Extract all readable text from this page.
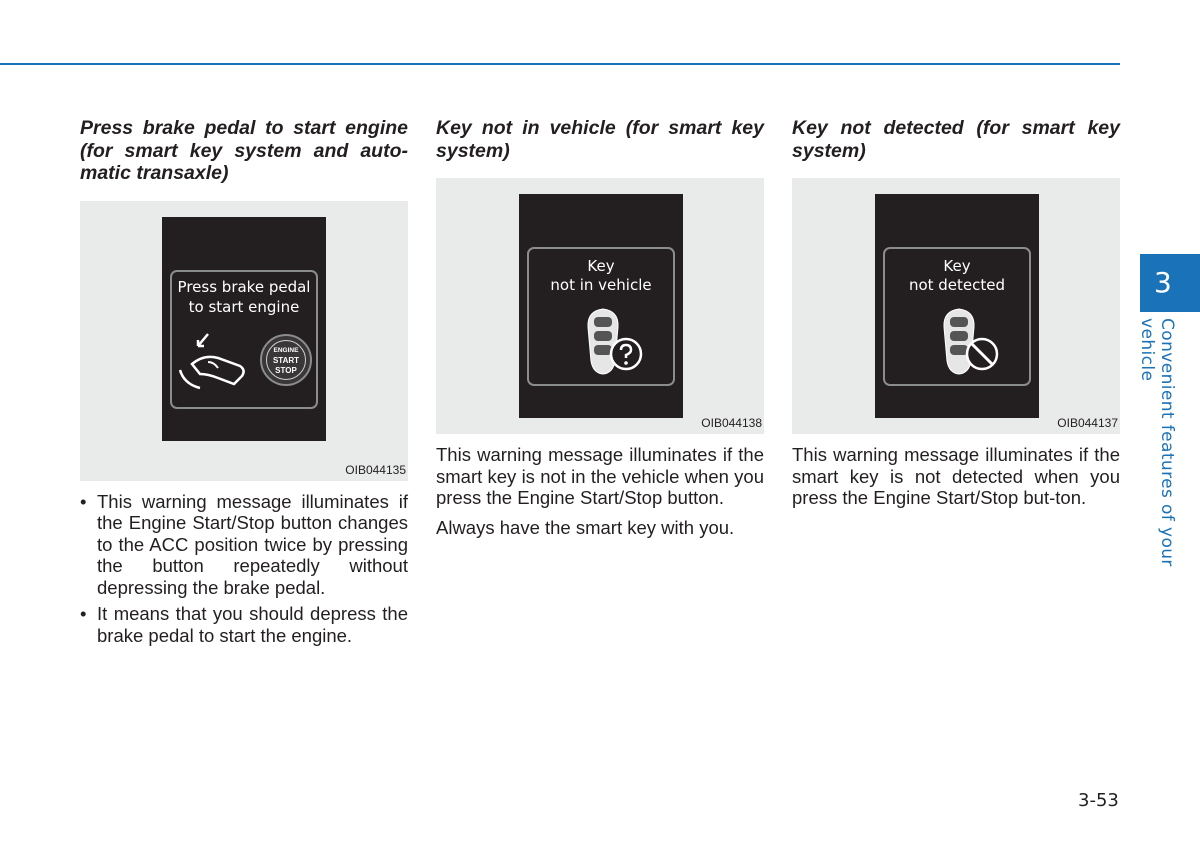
Press brake pedal to start engine (for smart key system and auto-matic transaxle)
Press brake pedal
to start engine
ENGINE
START
STOP
OIB044135
• This warning message illuminates if the Engine Start/Stop button changes to the ACC position twice by pressing the button repeatedly without depressing the brake pedal.
• It means that you should depress the brake pedal to start the engine.
Key not in vehicle (for smart key system)
Key
not in vehicle
OIB044138

This warning message illuminates if the smart key is not in the vehicle when you press the Engine Start/Stop button.

Always have the smart key with you.

Key not detected (for smart key system)
Key
not detected
OIB044137

This warning message illuminates if the smart key is not detected when you press the Engine Start/Stop but-ton.

3
Convenient features of your vehicle
3-53
